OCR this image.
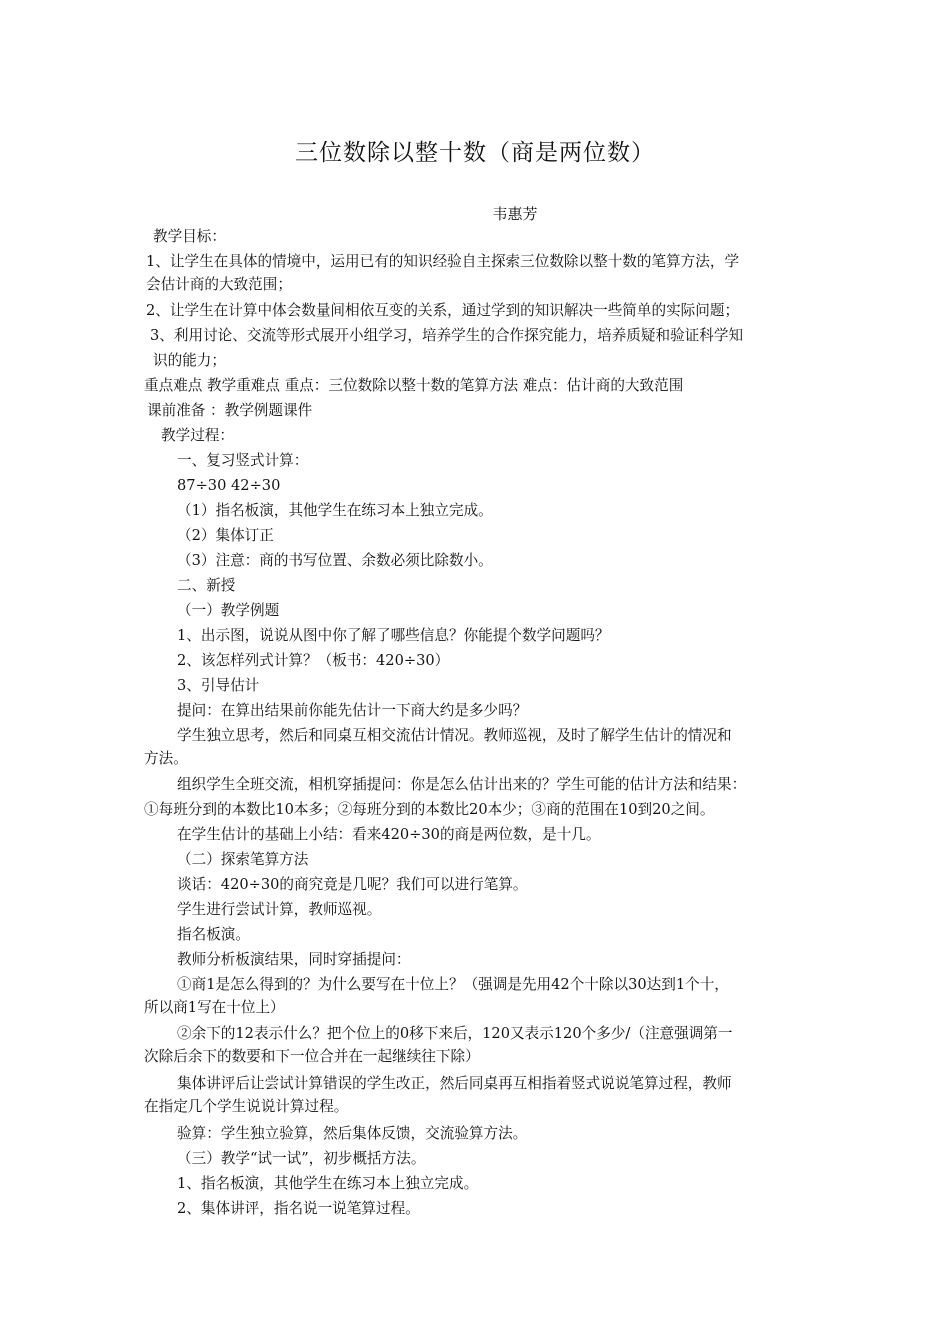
三位数除以整十数（商是两位数）
韦惠芳
教学目标：
1、让学生在具体的情境中，运用已有的知识经验自主探索三位数除以整十数的笔算方法，学
会估计商的大致范围；
2、让学生在计算中体会数量间相依互变的关系，通过学到的知识解决一些简单的实际问题；
3、利用讨论、交流等形式展开小组学习，培养学生的合作探究能力，培养质疑和验证科学知
识的能力；
重点难点 教学重难点 重点：三位数除以整十数的笔算方法 难点：估计商的大致范围
课前准备 ：教学例题课件
教学过程：
一、复习竖式计算：
87÷30 42÷30
（1）指名板演，其他学生在练习本上独立完成。
（2）集体订正
（3）注意：商的书写位置、余数必须比除数小。
二、新授
（一）教学例题
1、出示图，说说从图中你了解了哪些信息？你能提个数学问题吗？
2、该怎样列式计算？（板书：420÷30）
3、引导估计
提问：在算出结果前你能先估计一下商大约是多少吗？
学生独立思考，然后和同桌互相交流估计情况。教师巡视，及时了解学生估计的情况和
方法。
组织学生全班交流，相机穿插提问：你是怎么估计出来的？学生可能的估计方法和结果：
①每班分到的本数比10本多；②每班分到的本数比20本少；③商的范围在10到20之间。
在学生估计的基础上小结：看来420÷30的商是两位数，是十几。
（二）探索笔算方法
谈话：420÷30的商究竟是几呢？我们可以进行笔算。
学生进行尝试计算，教师巡视。
指名板演。
教师分析板演结果，同时穿插提问：
①商1是怎么得到的？为什么要写在十位上？（强调是先用42个十除以30达到1个十，
所以商1写在十位上）
②余下的12表示什么？把个位上的0移下来后，120又表示120个多少/（注意强调第一
次除后余下的数要和下一位合并在一起继续往下除）
集体讲评后让尝试计算错误的学生改正，然后同桌再互相指着竖式说说笔算过程，教师
在指定几个学生说说计算过程。
验算：学生独立验算，然后集体反馈，交流验算方法。
（三）教学“试一试”，初步概括方法。
1、指名板演，其他学生在练习本上独立完成。
2、集体讲评，指名说一说笔算过程。
